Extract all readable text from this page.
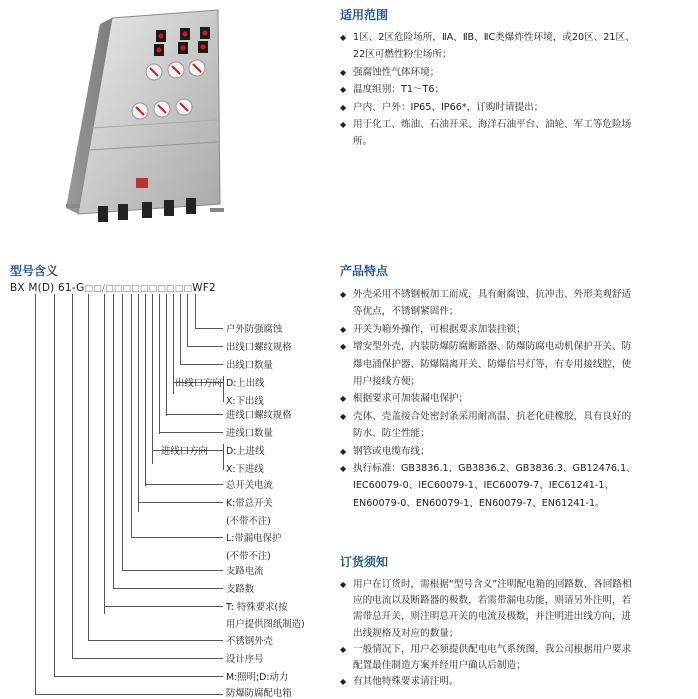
适用范围
◆ 1区、2区危险场所，ⅡA、ⅡB、ⅡC类爆炸性环境，或20区、21区、22区可燃性粉尘场所；
◆ 强腐蚀性气体环境；
◆ 温度组别：T1～T6；
◆ 户内、户外：IP65、IP66*，订购时请提出；
◆ 用于化工、炼油、石油开采、海洋石油平台、油轮、军工等危险场所。
型号含义
BX M(D) 61-G□□/□□□□□□□□□□WF2
户外防强腐蚀
出线口螺纹规格
出线口数量
出线口方向 D:上出线
X:下出线
进线口螺纹规格
进线口数量
进线口方向 D:上进线
X:下进线
总开关电流
K:带总开关
(不带不注)
L:带漏电保护
(不带不注)
支路电流
支路数
T: 特殊要求(按
用户提供图纸制造)
不锈钢外壳
设计序号
M:照明;D:动力
防爆防腐配电箱
产品特点
◆ 外壳采用不锈钢板加工而成，具有耐腐蚀、抗冲击、外形美观舒适等优点，不锈钢紧固件；
◆ 开关为箱外操作，可根据要求加装挂锁；
◆ 增安型外壳，内装防爆防腐断路器、防爆防腐电动机保护开关、防爆电涌保护器、防爆隔离开关、防爆信号灯等，有专用接线腔，使用户接线方便；
◆ 根据要求可加装漏电保护；
◆ 壳体、壳盖接合处密封条采用耐高温、抗老化硅橡胶，具有良好的防水、防尘性能；
◆ 钢管或电缆布线；
◆ 执行标准：GB3836.1、GB3836.2、GB3836.3、GB12476.1、IEC60079-0、IEC60079-1、IEC60079-7、IEC61241-1、EN60079-0、EN60079-1、EN60079-7、EN61241-1。
订货须知
◆ 用户在订货时，需根据“型号含义”注明配电箱的回路数、各回路相应的电流以及断路器的极数，若需带漏电功能，则请另外注明，若需带总开关，则注明总开关的电流及极数，并注明进出线方向，进出线规格及对应的数量；
◆ 一般情况下，用户必须提供配电电气系统图，我公司根据用户要求配置最佳制造方案并经用户确认后制造；
◆ 有其他特殊要求请注明。
